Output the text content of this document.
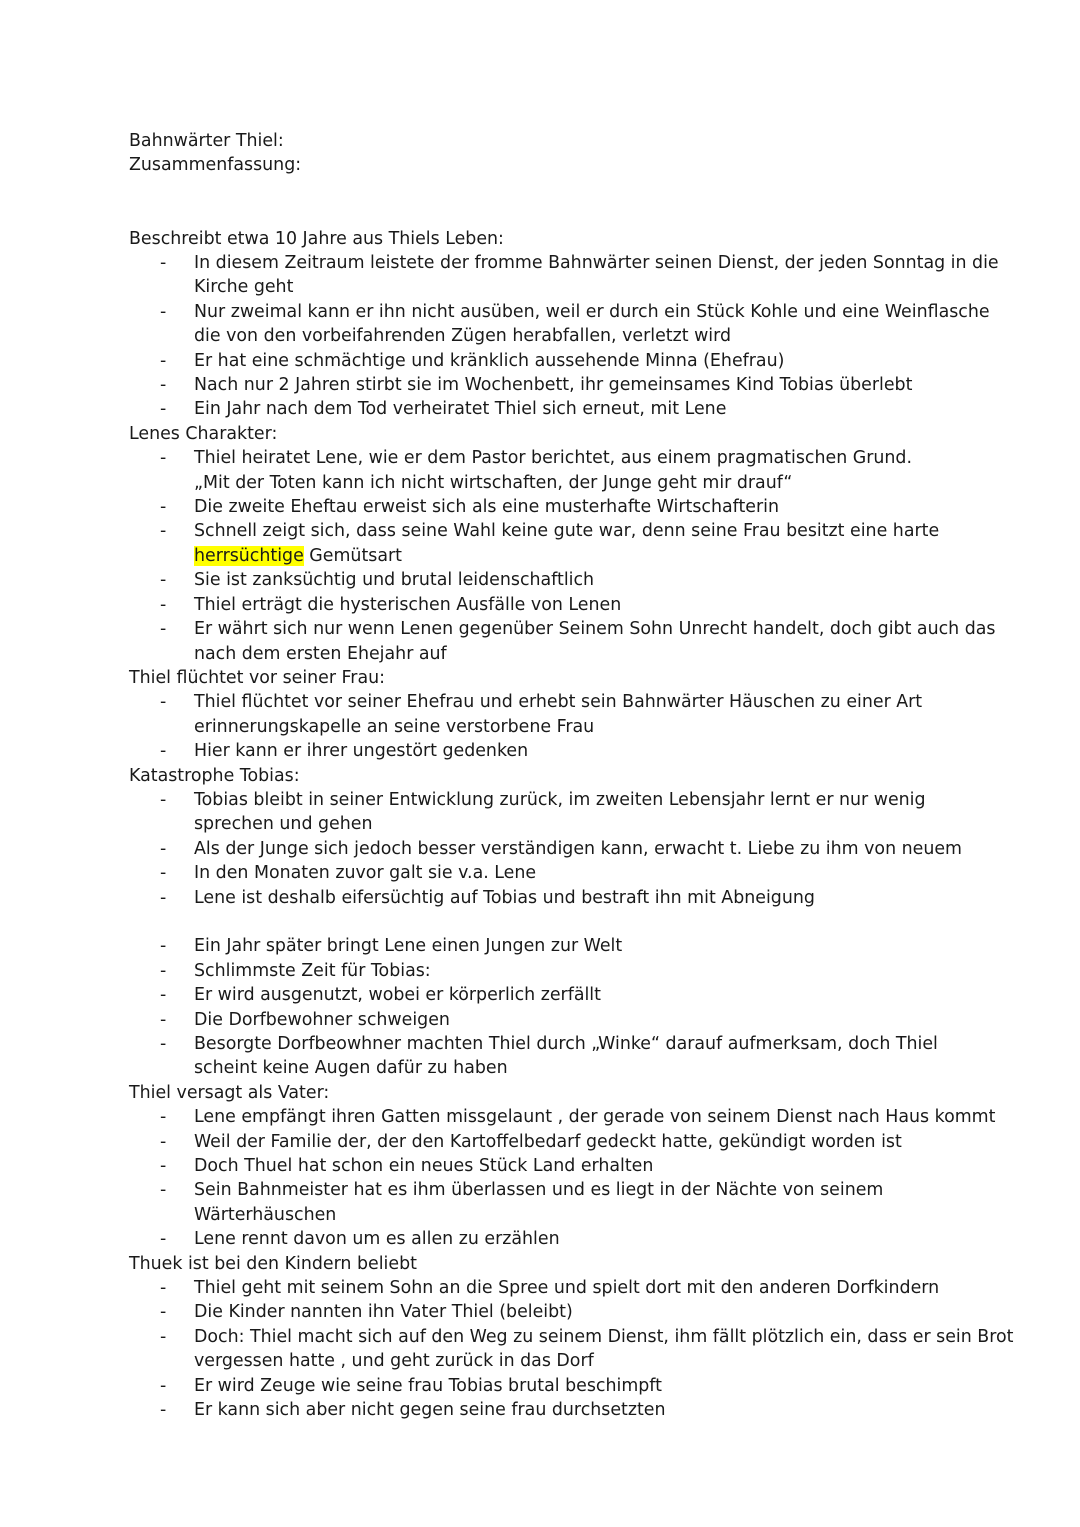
Bahnwärter Thiel:
Zusammenfassung:
Beschreibt etwa 10 Jahre aus Thiels Leben:
- In diesem Zeitraum leistete der fromme Bahnwärter seinen Dienst, der jeden Sonntag in die
Kirche geht
- Nur zweimal kann er ihn nicht ausüben, weil er durch ein Stück Kohle und eine Weinflasche
die von den vorbeifahrenden Zügen herabfallen, verletzt wird
- Er hat eine schmächtige und kränklich aussehende Minna (Ehefrau)
- Nach nur 2 Jahren stirbt sie im Wochenbett, ihr gemeinsames Kind Tobias überlebt
- Ein Jahr nach dem Tod verheiratet Thiel sich erneut, mit Lene
Lenes Charakter:
- Thiel heiratet Lene, wie er dem Pastor berichtet, aus einem pragmatischen Grund.
„Mit der Toten kann ich nicht wirtschaften, der Junge geht mir drauf“
- Die zweite Eheftau erweist sich als eine musterhafte Wirtschafterin
- Schnell zeigt sich, dass seine Wahl keine gute war, denn seine Frau besitzt eine harte
herrsüchtige Gemütsart
- Sie ist zanksüchtig und brutal leidenschaftlich
- Thiel erträgt die hysterischen Ausfälle von Lenen
- Er währt sich nur wenn Lenen gegenüber Seinem Sohn Unrecht handelt, doch gibt auch das
nach dem ersten Ehejahr auf
Thiel flüchtet vor seiner Frau:
- Thiel flüchtet vor seiner Ehefrau und erhebt sein Bahnwärter Häuschen zu einer Art
erinnerungskapelle an seine verstorbene Frau
- Hier kann er ihrer ungestört gedenken
Katastrophe Tobias:
- Tobias bleibt in seiner Entwicklung zurück, im zweiten Lebensjahr lernt er nur wenig
sprechen und gehen
- Als der Junge sich jedoch besser verständigen kann, erwacht t. Liebe zu ihm von neuem
- In den Monaten zuvor galt sie v.a. Lene
- Lene ist deshalb eifersüchtig auf Tobias und bestraft ihn mit Abneigung
- Ein Jahr später bringt Lene einen Jungen zur Welt
- Schlimmste Zeit für Tobias:
- Er wird ausgenutzt, wobei er körperlich zerfällt
- Die Dorfbewohner schweigen
- Besorgte Dorfbeowhner machten Thiel durch „Winke“ darauf aufmerksam, doch Thiel
scheint keine Augen dafür zu haben
Thiel versagt als Vater:
- Lene empfängt ihren Gatten missgelaunt , der gerade von seinem Dienst nach Haus kommt
- Weil der Familie der, der den Kartoffelbedarf gedeckt hatte, gekündigt worden ist
- Doch Thuel hat schon ein neues Stück Land erhalten
- Sein Bahnmeister hat es ihm überlassen und es liegt in der Nächte von seinem
Wärterhäuschen
- Lene rennt davon um es allen zu erzählen
Thuek ist bei den Kindern beliebt
- Thiel geht mit seinem Sohn an die Spree und spielt dort mit den anderen Dorfkindern
- Die Kinder nannten ihn Vater Thiel (beleibt)
- Doch: Thiel macht sich auf den Weg zu seinem Dienst, ihm fällt plötzlich ein, dass er sein Brot
vergessen hatte , und geht zurück in das Dorf
- Er wird Zeuge wie seine frau Tobias brutal beschimpft
- Er kann sich aber nicht gegen seine frau durchsetzten
